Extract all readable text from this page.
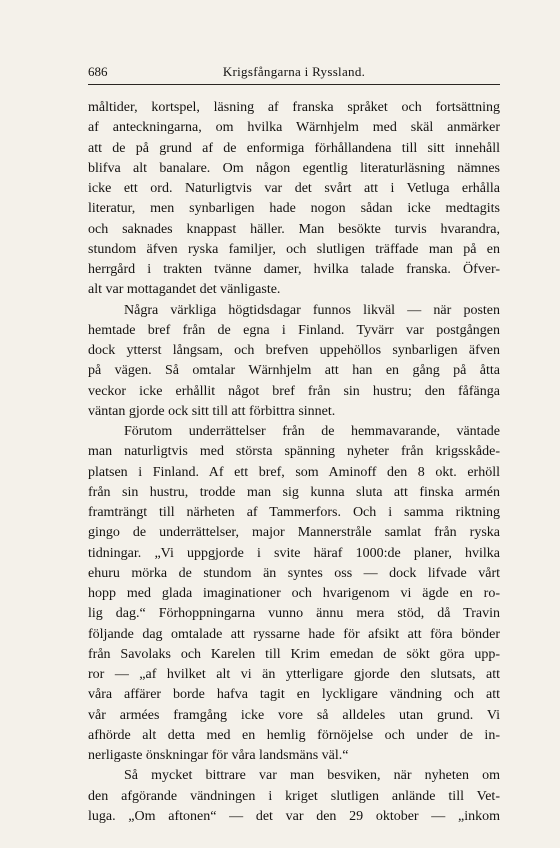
686	Krigsfångarna i Ryssland.
måltider, kortspel, läsning af franska språket och fortsättning
af anteckningarna, om hvilka Wärnhjelm med skäl anmärker
att de på grund af de enformiga förhållandena till sitt innehåll
blifva alt banalare. Om någon egentlig literaturläsning nämnes
icke ett ord. Naturligtvis var det svårt att i Vetluga erhålla
literatur, men synbarligen hade nogon sådan icke medtagits
och saknades knappast häller. Man besökte turvis hvarandra,
stundom äfven ryska familjer, och slutligen träffade man på en
herrgård i trakten tvänne damer, hvilka talade franska. Öfver-
alt var mottagandet det vänligaste.
Några värkliga högtidsdagar funnos likväl — när posten
hemtade bref från de egna i Finland. Tyvärr var postgången
dock ytterst långsam, och brefven uppehöllos synbarligen äfven
på vägen. Så omtalar Wärnhjelm att han en gång på åtta
veckor icke erhållit något bref från sin hustru; den fåfänga
väntan gjorde ock sitt till att förbittra sinnet.
Förutom underrättelser från de hemmavarande, väntade
man naturligtvis med största spänning nyheter från krigsskåde-
platsen i Finland. Af ett bref, som Aminoff den 8 okt. erhöll
från sin hustru, trodde man sig kunna sluta att finska armén
framträngt till närheten af Tammerfors. Och i samma riktning
gingo de underrättelser, major Mannerstråle samlat från ryska
tidningar. „Vi uppgjorde i svite häraf 1000:de planer, hvilka
ehuru mörka de stundom än syntes oss — dock lifvade vårt
hopp med glada imaginationer och hvarigenom vi ägde en ro-
lig dag.“ Förhoppningarna vunno ännu mera stöd, då Travin
följande dag omtalade att ryssarne hade för afsikt att föra bönder
från Savolaks och Karelen till Krim emedan de sökt göra upp-
ror — „af hvilket alt vi än ytterligare gjorde den slutsats, att
våra affärer borde hafva tagit en lyckligare vändning och att
vår armées framgång icke vore så alldeles utan grund. Vi
afhörde alt detta med en hemlig förnöjelse och under de in-
nerligaste önskningar för våra landsmäns väl.“
Så mycket bittrare var man besviken, när nyheten om
den afgörande vändningen i kriget slutligen anlände till Vet-
luga. „Om aftonen“ — det var den 29 oktober — „inkom
